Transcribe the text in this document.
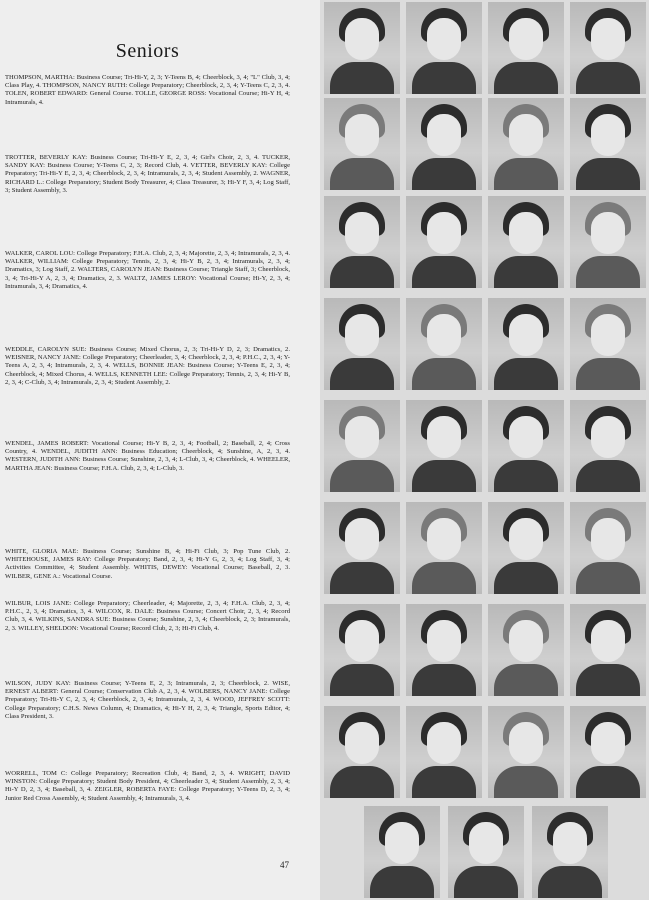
Seniors
THOMPSON, MARTHA: Business Course; Tri-Hi-Y, 2, 3; Y-Teens B, 4; Cheerblock, 3, 4; "L" Club, 3, 4; Class Play, 4. THOMPSON, NANCY RUTH: College Preparatory; Cheerblock, 2, 3, 4; Y-Teens C, 2, 3, 4. TOLEN, ROBERT EDWARD: General Course. TOLLE, GEORGE ROSS: Vocational Course; Hi-Y H, 4; Intramurals, 4.
TROTTER, BEVERLY KAY: Business Course; Tri-Hi-Y E, 2, 3, 4; Girl's Choir, 2, 3, 4. TUCKER, SANDY KAY: Business Course; Y-Teens C, 2, 3; Record Club, 4. VETTER, BEVERLY KAY: College Preparatory; Tri-Hi-Y E, 2, 3, 4; Cheerblock, 2, 3, 4; Intramurals, 2, 3, 4; Student Assembly, 2. WAGNER, RICHARD L.: College Preparatory; Student Body Treasurer, 4; Class Treasurer, 3; Hi-Y F, 3, 4; Log Staff, 3; Student Assembly, 3.
WALKER, CAROL LOU: College Preparatory; F.H.A. Club, 2, 3, 4; Majorette, 2, 3, 4; Intramurals, 2, 3, 4. WALKER, WILLIAM: College Preparatory; Tennis, 2, 3, 4; Hi-Y B, 2, 3, 4; Intramurals, 2, 3, 4; Dramatics, 3; Log Staff, 2. WALTERS, CAROLYN JEAN: Business Course; Triangle Staff, 3; Cheerblock, 3, 4; Tri-Hi-Y A, 2, 3, 4; Dramatics, 2, 3. WALTZ, JAMES LEROY: Vocational Course; Hi-Y, 2, 3, 4; Intramurals, 3, 4; Dramatics, 4.
WEDDLE, CAROLYN SUE: Business Course; Mixed Chorus, 2, 3; Tri-Hi-Y D, 2, 3; Dramatics, 2. WEISNER, NANCY JANE: College Preparatory; Cheerleader, 3, 4; Cheerblock, 2, 3, 4; P.H.C., 2, 3, 4; Y-Teens A, 2, 3, 4; Intramurals, 2, 3, 4. WELLS, BONNIE JEAN: Business Course; Y-Teens E, 2, 3, 4; Cheerblock, 4; Mixed Chorus, 4. WELLS, KENNETH LEE: College Preparatory; Tennis, 2, 3, 4; Hi-Y B, 2, 3, 4; C-Club, 3, 4; Intramurals, 2, 3, 4; Student Assembly, 2.
WENDEL, JAMES ROBERT: Vocational Course; Hi-Y B, 2, 3, 4; Football, 2; Baseball, 2, 4; Cross Country, 4. WENDEL, JUDITH ANN: Business Education; Cheerblock, 4; Sunshine, A, 2, 3, 4. WESTERN, JUDITH ANN: Business Course; Sunshine, 2, 3, 4; L-Club, 3, 4; Cheerblock, 4. WHEELER, MARTHA JEAN: Business Course; F.H.A. Club, 2, 3, 4; L-Club, 3.
WHITE, GLORIA MAE: Business Course; Sunshine B, 4; Hi-Fi Club, 3; Pop Tune Club, 2. WHITEHOUSE, JAMES RAY: College Preparatory; Band, 2, 3, 4; Hi-Y G, 2, 3, 4; Log Staff, 3, 4; Activities Committee, 4; Student Assembly. WHITIS, DEWEY: Vocational Course; Baseball, 2, 3. WILBER, GENE A.: Vocational Course.
WILBUR, LOIS JANE: College Preparatory; Cheerleader, 4; Majorette, 2, 3, 4; F.H.A. Club, 2, 3, 4; P.H.C., 2, 3, 4; Dramatics, 3, 4. WILCOX, R. DALE: Business Course; Concert Choir, 2, 3, 4; Record Club, 3, 4. WILKINS, SANDRA SUE: Business Course; Sunshine, 2, 3, 4; Cheerblock, 2, 3; Intramurals, 2, 3. WILLEY, SHELDON: Vocational Course; Record Club, 2, 3; Hi-Fi Club, 4.
WILSON, JUDY KAY: Business Course; Y-Teens E, 2, 3; Intramurals, 2, 3; Cheerblock, 2. WISE, ERNEST ALBERT: General Course; Conservation Club A, 2, 3, 4. WOLBERS, NANCY JANE: College Preparatory; Tri-Hi-Y C, 2, 3, 4; Cheerblock, 2, 3, 4; Intramurals, 2, 3, 4. WOOD, JEFFREY SCOTT: College Preparatory; C.H.S. News Column, 4; Dramatics, 4; Hi-Y H, 2, 3, 4; Triangle, Sports Editor, 4; Class President, 3.
WORRELL, TOM C: College Preparatory; Recreation Club, 4; Band, 2, 3, 4. WRIGHT, DAVID WINSTON: College Preparatory; Student Body President, 4; Cheerleader 3, 4; Student Assembly, 2, 3, 4; Hi-Y D, 2, 3, 4; Baseball, 3, 4. ZEIGLER, ROBERTA FAYE: College Preparatory; Y-Teens D, 2, 3, 4; Junior Red Cross Assembly, 4; Student Assembly, 4; Intramurals, 3, 4.
47
